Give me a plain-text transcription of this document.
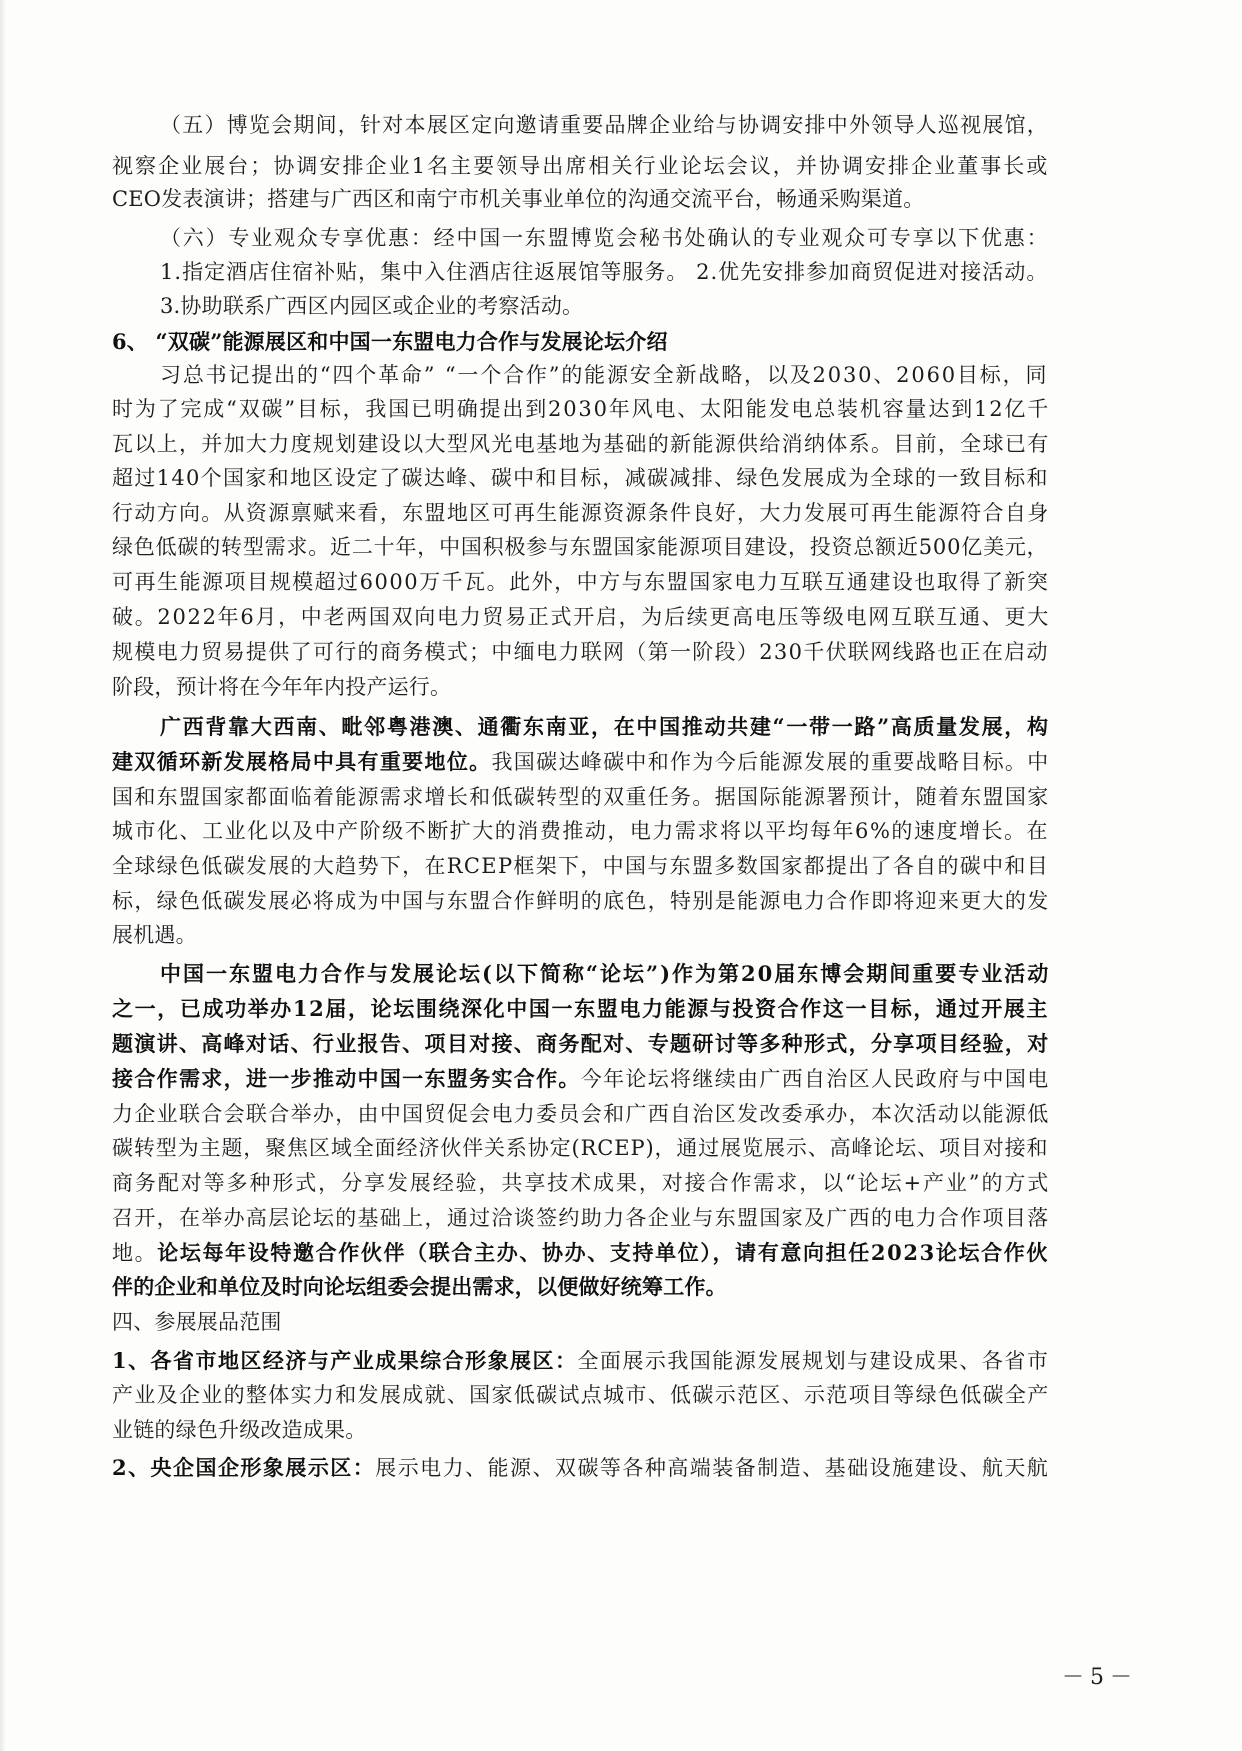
（五）博览会期间，针对本展区定向邀请重要品牌企业给与协调安排中外领导人巡视展馆，

视察企业展台；协调安排企业1名主要领导出席相关行业论坛会议，并协调安排企业董事长或

CEO发表演讲；搭建与广西区和南宁市机关事业单位的沟通交流平台，畅通采购渠道。

（六）专业观众专享优惠：经中国一东盟博览会秘书处确认的专业观众可专享以下优惠：

1.指定酒店住宿补贴，集中入住酒店往返展馆等服务。 2.优先安排参加商贸促进对接活动。

3.协助联系广西区内园区或企业的考察活动。

6、 “双碳”能源展区和中国一东盟电力合作与发展论坛介绍

习总书记提出的“四个革命” “一个合作”的能源安全新战略，以及2030、2060目标，同

时为了完成“双碳”目标，我国已明确提出到2030年风电、太阳能发电总装机容量达到12亿千

瓦以上，并加大力度规划建设以大型风光电基地为基础的新能源供给消纳体系。目前，全球已有

超过140个国家和地区设定了碳达峰、碳中和目标，减碳减排、绿色发展成为全球的一致目标和

行动方向。从资源禀赋来看，东盟地区可再生能源资源条件良好，大力发展可再生能源符合自身

绿色低碳的转型需求。近二十年，中国积极参与东盟国家能源项目建设，投资总额近500亿美元，

可再生能源项目规模超过6000万千瓦。此外，中方与东盟国家电力互联互通建设也取得了新突

破。2022年6月，中老两国双向电力贸易正式开启，为后续更高电压等级电网互联互通、更大

规模电力贸易提供了可行的商务模式；中缅电力联网（第一阶段）230千伏联网线路也正在启动

阶段，预计将在今年年内投产运行。

广西背靠大西南、毗邻粤港澳、通衢东南亚，在中国推动共建“一带一路”高质量发展，构

建双循环新发展格局中具有重要地位。我国碳达峰碳中和作为今后能源发展的重要战略目标。中

国和东盟国家都面临着能源需求增长和低碳转型的双重任务。据国际能源署预计，随着东盟国家

城市化、工业化以及中产阶级不断扩大的消费推动，电力需求将以平均每年6%的速度增长。在

全球绿色低碳发展的大趋势下，在RCEP框架下，中国与东盟多数国家都提出了各自的碳中和目

标，绿色低碳发展必将成为中国与东盟合作鲜明的底色，特别是能源电力合作即将迎来更大的发

展机遇。

中国一东盟电力合作与发展论坛(以下简称“论坛”)作为第20届东博会期间重要专业活动

之一，已成功举办12届，论坛围绕深化中国一东盟电力能源与投资合作这一目标，通过开展主

题演讲、高峰对话、行业报告、项目对接、商务配对、专题研讨等多种形式，分享项目经验，对

接合作需求，进一步推动中国一东盟务实合作。今年论坛将继续由广西自治区人民政府与中国电

力企业联合会联合举办，由中国贸促会电力委员会和广西自治区发改委承办，本次活动以能源低

碳转型为主题，聚焦区域全面经济伙伴关系协定(RCEP)，通过展览展示、高峰论坛、项目对接和

商务配对等多种形式，分享发展经验，共享技术成果，对接合作需求，以“论坛+产业”的方式

召开，在举办高层论坛的基础上，通过洽谈签约助力各企业与东盟国家及广西的电力合作项目落

地。论坛每年设特邀合作伙伴（联合主办、协办、支持单位），请有意向担任2023论坛合作伙

伴的企业和单位及时向论坛组委会提出需求，以便做好统筹工作。

四、参展展品范围

1、各省市地区经济与产业成果综合形象展区：全面展示我国能源发展规划与建设成果、各省市

产业及企业的整体实力和发展成就、国家低碳试点城市、低碳示范区、示范项目等绿色低碳全产

业链的绿色升级改造成果。

2、央企国企形象展示区：展示电力、能源、双碳等各种高端装备制造、基础设施建设、航天航

－5－
